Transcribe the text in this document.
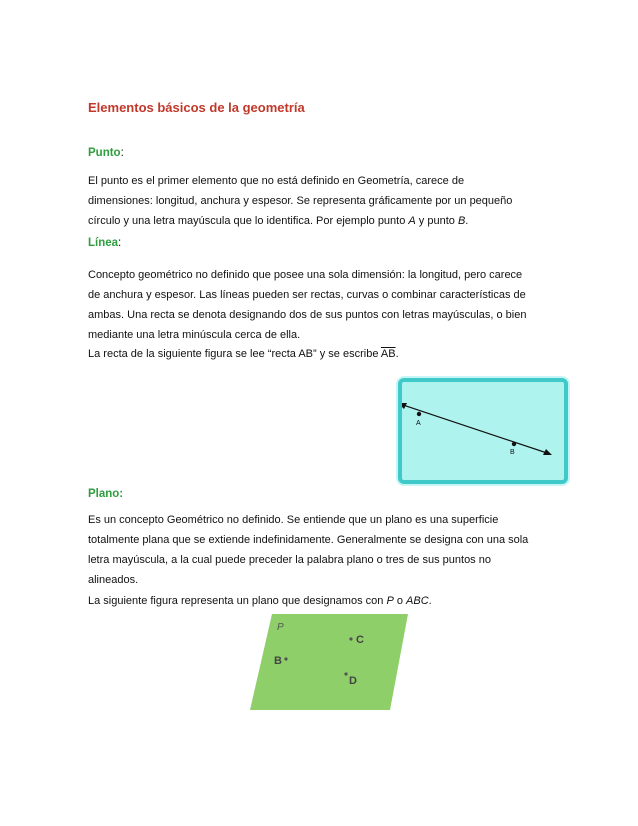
Elementos básicos de la geometría
Punto:
El punto es el primer elemento que no está definido en Geometría, carece de
dimensiones: longitud, anchura y espesor. Se representa gráficamente por un pequeño
círculo y una letra mayúscula que lo identifica. Por ejemplo punto A y punto B.
Línea:
Concepto geométrico no definido que posee una sola dimensión: la longitud, pero carece
de anchura y espesor. Las líneas pueden ser rectas, curvas o combinar características de
ambas. Una recta se denota designando dos de sus puntos con letras mayúsculas, o bien
mediante una letra minúscula cerca de ella.
La recta de la siguiente figura se lee “recta AB” y se escribe $\overline{AB}$.
A
B
Plano:
Es un concepto Geométrico no definido. Se entiende que un plano es una superficie
totalmente plana que se extiende indefinidamente. Generalmente se designa con una sola
letra mayúscula, a la cual puede preceder la palabra plano o tres de sus puntos no
alineados.
La siguiente figura representa un plano que designamos con P o ABC.
P
C
B
D
